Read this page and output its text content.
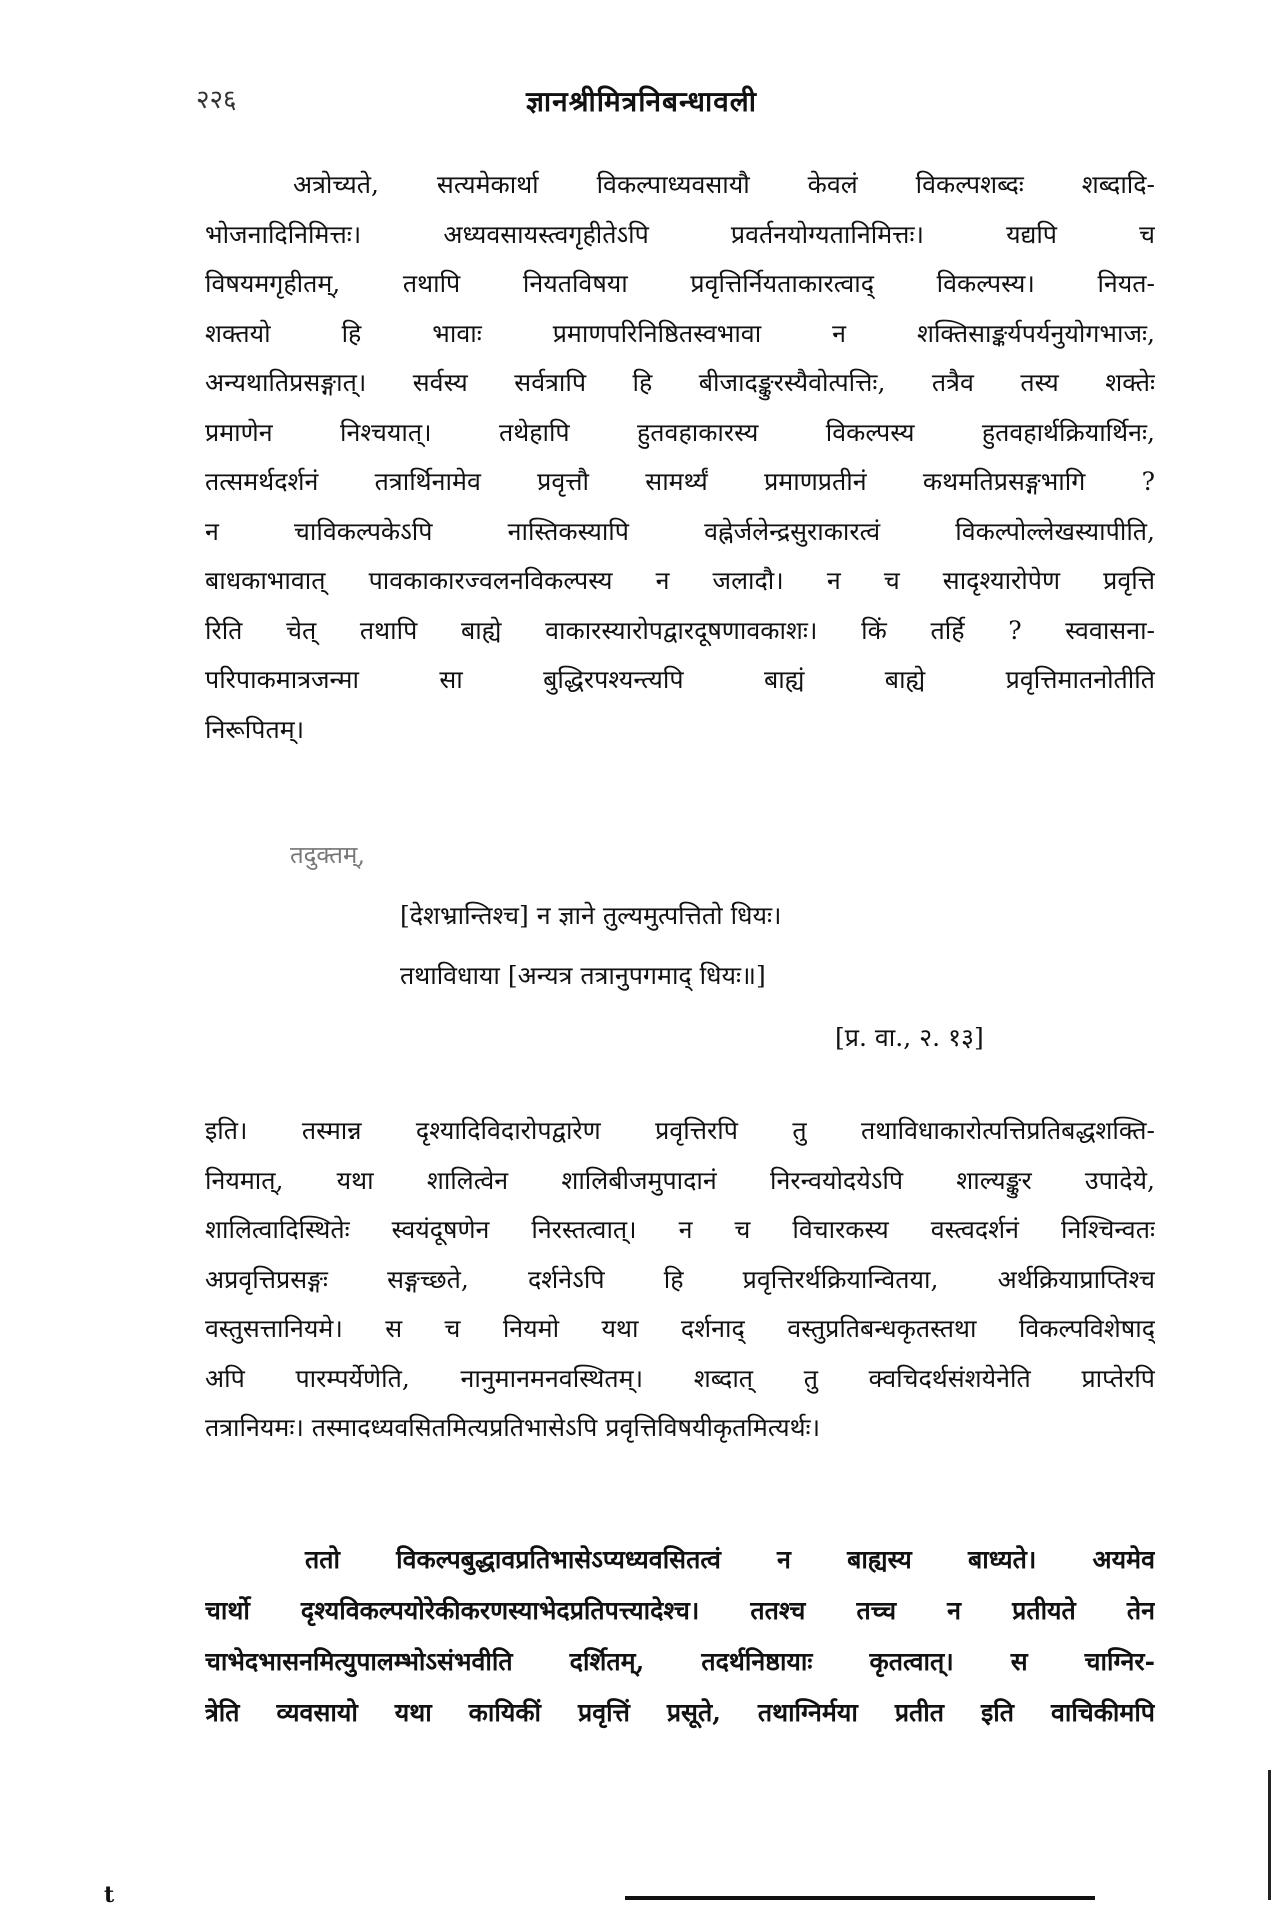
२२६	ज्ञानश्रीमित्रनिबन्धावली
अत्रोच्यते, सत्यमेकार्था विकल्पाध्यवसायौ केवलं विकल्पशब्दः शब्दादि-
भोजनादिनिमित्तः। अध्यवसायस्त्वगृहीतेऽपि प्रवर्तनयोग्यतानिमित्तः। यद्यपि च
विषयमगृहीतम्, तथापि नियतविषया प्रवृत्तिर्नियताकारत्वाद् विकल्पस्य। नियत-
शक्तयो हि भावाः प्रमाणपरिनिष्ठितस्वभावा न शक्तिसाङ्कर्यपर्यनुयोगभाजः,
अन्यथातिप्रसङ्गात्। सर्वस्य सर्वत्रापि हि बीजादङ्कुरस्यैवोत्पत्तिः, तत्रैव तस्य शक्तेः
प्रमाणेन निश्चयात्। तथेहापि हुतवहाकारस्य विकल्पस्य हुतवहार्थक्रियार्थिनः,
तत्समर्थदर्शनं तत्रार्थिनामेव प्रवृत्तौ सामर्थ्यं प्रमाणप्रतीनं कथमतिप्रसङ्गभागि ?
न चाविकल्पकेऽपि नास्तिकस्यापि वह्नेर्जलेन्द्रसुराकारत्वं विकल्पोल्लेखस्यापीति,
बाधकाभावात् पावकाकारज्वलनविकल्पस्य न जलादौ। न च सादृश्यारोपेण प्रवृत्ति
रिति चेत् तथापि बाह्ये वाकारस्यारोपद्वारदूषणावकाशः। किं तर्हि ? स्ववासना-
परिपाकमात्रजन्मा सा बुद्धिरपश्यन्त्यपि बाह्यं बाह्ये प्रवृत्तिमातनोतीति
निरूपितम्।
तदुक्तम्,
[देशभ्रान्तिश्च] न ज्ञाने तुल्यमुत्पत्तितो धियः।
तथाविधाया [अन्यत्र तत्रानुपगमाद् धियः॥]
[प्र. वा., २. १३]
इति। तस्मान्न दृश्यादिविदारोपद्वारेण प्रवृत्तिरपि तु तथाविधाकारोत्पत्तिप्रतिबद्धशक्ति-
नियमात्, यथा शालित्वेन शालिबीजमुपादानं निरन्वयोदयेऽपि शाल्यङ्कुर उपादेये,
शालित्वादिस्थितेः स्वयंदूषणेन निरस्तत्वात्। न च विचारकस्य वस्त्वदर्शनं निश्चिन्वतः
अप्रवृत्तिप्रसङ्गः सङ्गच्छते, दर्शनेऽपि हि प्रवृत्तिरर्थक्रियान्वितया, अर्थक्रियाप्राप्तिश्च
वस्तुसत्तानियमे। स च नियमो यथा दर्शनाद् वस्तुप्रतिबन्धकृतस्तथा विकल्पविशेषाद्
अपि पारम्पर्येणेति, नानुमानमनवस्थितम्। शब्दात् तु क्वचिदर्थसंशयेनेति प्राप्तेरपि
तत्रानियमः। तस्मादध्यवसितमित्यप्रतिभासेऽपि प्रवृत्तिविषयीकृतमित्यर्थः।
ततो विकल्पबुद्धावप्रतिभासेऽप्यध्यवसितत्वं न बाह्यस्य बाध्यते। अयमेव
चार्थो दृश्यविकल्पयोरेकीकरणस्याभेदप्रतिपत्त्यादेश्च। ततश्च तच्च न प्रतीयते तेन
चाभेदभासनमित्युपालम्भोऽसंभवीति दर्शितम्, तदर्थनिष्ठायाः कृतत्वात्। स चाग्निर-
त्रेति व्यवसायो यथा कायिकीं प्रवृत्तिं प्रसूते, तथाग्निर्मया प्रतीत इति वाचिकीमपि
t
